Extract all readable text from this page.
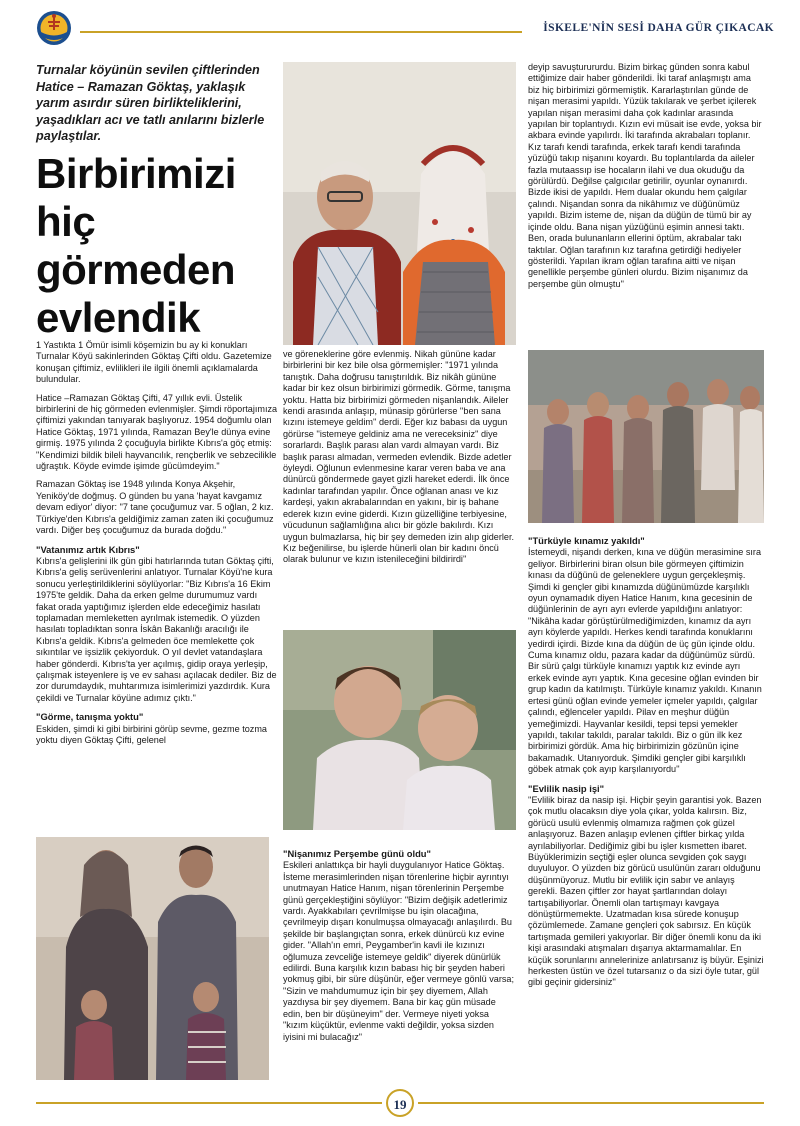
İSKELE'NİN SESİ DAHA GÜR ÇIKACAK
Turnalar köyünün sevilen çiftlerinden Hatice – Ramazan Göktaş, yaklaşık yarım asırdır süren birlikteliklerini, yaşadıkları acı ve tatlı anılarını bizlerle paylaştılar.
Birbirimizi
hiç
görmeden
evlendik

1 Yastıkta 1 Ömür isimli köşemizin bu ay ki konukları Turnalar Köyü sakinlerinden Göktaş Çifti oldu. Gazetemize konuşan çiftimiz, evlilikleri ile ilgili önemli açıklamalarda bulundular.

Hatice –Ramazan Göktaş Çifti, 47 yıllık evli. Üstelik birbirlerini de hiç görmeden evlenmişler. Şimdi röportajımıza çiftimizi yakından tanıyarak başlıyoruz. 1954 doğumlu olan Hatice Göktaş, 1971 yılında, Ramazan Bey'le dünya evine girmiş. 1975 yılında 2 çocuğuyla birlikte Kıbrıs'a göç etmiş: "Kendimizi bildik bileli hayvancılık, rençberlik ve sebzecilikle uğraştık. Köyde evimde işimde gücümdeyim."

Ramazan Göktaş ise 1948 yılında Konya Akşehir, Yeniköy'de doğmuş. O günden bu yana 'hayat kavgamız devam ediyor' diyor: "7 tane çocuğumuz var. 5 oğlan, 2 kız. Türkiye'den Kıbrıs'a geldiğimiz zaman zaten iki çocuğumuz vardı. Diğer beş çocuğumuz da burada doğdu."

"Vatanımız artık Kıbrıs"

Kıbrıs'a gelişlerini ilk gün gibi hatırlarında tutan Göktaş çifti, Kıbrıs'a geliş serüvenlerini anlatıyor. Turnalar Köyü'ne kura sonucu yerleştirildiklerini söylüyorlar: "Biz Kıbrıs'a 16 Ekim 1975'te geldik. Daha da erken gelme durumumuz vardı fakat orada yaptığımız işlerden elde edeceğimiz hasılatı toplamadan memleketten ayrılmak istemedik. O yüzden hasılatı topladıktan sonra İskân Bakanlığı aracılığı ile Kıbrıs'a geldik. Kıbrıs'a gelmeden öce memlekette çok sıkıntılar ve işsizlik çekiyorduk. O yıl devlet vatandaşlara haber gönderdi. Kıbrıs'ta yer açılmış, gidip oraya yerleşip, çalışmak isteyenlere iş ve ev sahası açılacak dediler. Biz de zor durumdaydık, muhtarımıza isimlerimizi yazdırdık. Kura çekildi ve Turnalar köyüne adımız çıktı."

"Görme, tanışma yoktu"

Eskiden, şimdi ki gibi birbirini görüp sevme, gezme tozma yoktu diyen Göktaş Çifti, gelenel

ve göreneklerine göre evlenmiş. Nikah gününe kadar birbirlerini bir kez bile olsa görmemişler: "1971 yılında tanıştık. Daha doğrusu tanıştırıldık. Biz nikâh gününe kadar bir kez olsun birbirimizi görmedik. Görme, tanışma yoktu. Hatta biz birbirimizi görmeden nişanlandık. Aileler kendi arasında anlaşıp, münasip görürlerse ''ben sana kızını istemeye geldim'' derdi. Eğer kız babası da uygun görürse ''istemeye geldiniz ama ne vereceksiniz'' diye sorarlardı. Başlık parası alan vardı almayan vardı. Biz başlık parası almadan, vermeden evlendik. Bizde adetler öyleydi. Oğlunun evlenmesine karar veren baba ve ana dünürcü göndermede gayet gizli hareket ederdi. İlk önce kadınlar tarafından yapılır. Önce oğlanan anası ve kız kardeşi, yakın akrabalarından en yakını, bir iş bahane ederek kızın evine giderdi. Kızın güzelliğine terbiyesine, vücudunun sağlamlığına alıcı bir gözle bakılırdı. Kızı uygun bulmazlarsa, hiç bir şey demeden izin alıp giderler. Kız beğenilirse, bu işlerde hünerli olan bir kadını öncü olarak bulunur ve kızın istenileceğini bildirirdi''

"Nişanımız Perşembe günü oldu"

Eskileri anlattıkça bir hayli duygulanıyor Hatice Göktaş. İsteme merasimlerinden nişan törenlerine hiçbir ayrıntıyı unutmayan Hatice Hanım, nişan törenlerinin Perşembe günü gerçekleştiğini söylüyor: "Bizim değişik adetlerimiz vardı. Ayakkabıları çevrilmişse bu işin olacağına, çevrilmeyip dışarı konulmuşsa olmayacağı anlaşılırdı. Bu şekilde bir başlangıçtan sonra, erkek dünürcü kız evine gider. "Allah'ın emri, Peygamber'in kavli ile kızınızı oğlumuza zevceliğe istemeye geldik" diyerek dünürlük edilirdi. Buna karşılık kızın babası hiç bir şeyden haberi yokmuş gibi, bir süre düşünür, eğer vermeye gönlü varsa; "Sizin ve mahdumumuz için bir şey diyemem, Allah yazdıysa bir şey diyemem. Bana bir kaç gün müsade edin, ben bir düşüneyim" der. Vermeye niyeti yoksa "kızım küçüktür, evlenme vakti değildir, yoksa sizden iyisini mi bulacağız"

deyip savuşturururdu. Bizim birkaç günden sonra kabul ettiğimize dair haber gönderildi. İki taraf anlaşmıştı ama biz hiç birbirimizi görmemiştik. Kararlaştırılan günde de nişan merasimi yapıldı. Yüzük takılarak ve şerbet içilerek yapılan nişan merasimi daha çok kadınlar arasında yapılan bir toplantıydı. Kızın evi müsait ise evde, yoksa bir akbara evinde yapılırdı. İki tarafında akrabaları toplanır. Kız tarafı kendi tarafında, erkek tarafı kendi tarafında yüzüğü takıp nişanını koyardı. Bu toplantılarda da aileler fazla mutaassıp ise hocaların ilahi ve dua okuduğu da görülürdü. Değilse çalgıcılar getirilir, oyunlar oynanırdı. Bizde ikisi de yapıldı. Hem dualar okundu hem çalgılar çalındı. Nişandan sonra da nikâhımız ve düğünümüz yapıldı. Bizim isteme de, nişan da düğün de tümü bir ay içinde oldu. Bana nişan yüzüğünü eşimin annesi taktı. Ben, orada bulunanların ellerini öptüm, akrabalar takı taktılar. Oğlan tarafının kız tarafına getirdiği hediyeler gösterildi. Yapılan ikram oğlan tarafına aitti ve nişan genellikle perşembe günleri olurdu. Bizim nişanımız da perşembe gün olmuştu''

"Türküyle kınamız yakıldı"

İstemeydi, nişandı derken, kına ve düğün merasimine sıra geliyor. Birbirlerini biran olsun bile görmeyen çiftimizin kınası da düğünü de geleneklere uygun gerçekleşmiş. Şimdi ki gençler gibi kınamızda düğünümüzde karşılıklı oyun oynamadık diyen Hatice Hanım, kına gecesinin de düğünlerinin de ayrı ayrı evlerde yapıldığını anlatıyor: "Nikâha kadar görüştürülmediğimizden, kınamız da ayrı ayrı köylerde yapıldı. Herkes kendi tarafında konuklarını yedirdi içirdi. Bizde kına da düğün de üç gün içinde oldu. Cuma kınamız oldu, pazara kadar da düğünümüz sürdü. Bir sürü çalgı türküyle kınamızı yaptık kız evinde ayrı erkek evinde ayrı yaptık. Kına gecesine oğlan evinden bir grup kadın da katılmıştı. Türküyle kınamız yakıldı. Kınanın ertesi günü oğlan evinde yemeler içmeler yapıldı, çalgılar çalındı, eğlenceler yapıldı. Pilav en meşhur düğün yemeğimizdi. Hayvanlar kesildi, tepsi tepsi yemekler yapıldı, takılar takıldı, paralar takıldı. Biz o gün ilk kez birbirimizi gördük. Ama hiç birbirimizin gözünün içine bakamadık. Utanıyorduk. Şimdiki gençler gibi karşılıklı göbek atmak çok ayıp karşılanıyordu''

"Evlilik nasip işi"

''Evlilik biraz da nasip işi. Hiçbir şeyin garantisi yok. Bazen çok mutlu olacaksın diye yola çıkar, yolda kalırsın. Biz, görücü usulü evlenmiş olmamıza rağmen çok güzel anlaşıyoruz. Bazen anlaşıp evlenen çiftler birkaç yılda ayrılabiliyorlar. Dediğimiz gibi bu işler kısmetten ibaret. Büyüklerimizin seçtiği eşler olunca sevgiden çok saygı duyuluyor. O yüzden biz görücü usulünün zararı olduğunu düşünmüyoruz. Mutlu bir evlilik için sabır ve anlayış gerekli. Bazen çiftler zor hayat şartlarından dolayı tartışabiliyorlar. Önemli olan tartışmayı kavgaya dönüştürmemekte. Uzatmadan kısa sürede konuşup çözümlemede. Zamane gençleri çok sabırsız. En küçük tartışmada gemileri yakıyorlar. Bir diğer önemli konu da iki kişi arasındaki atışmaları dışarıya aktarmamalılar. En küçük sorunlarını annelerinize anlatırsanız iş büyür. Eşinizi herkesten üstün ve özel tutarsanız o da sizi öyle tutar, gül gibi geçinir gidersiniz''

19
